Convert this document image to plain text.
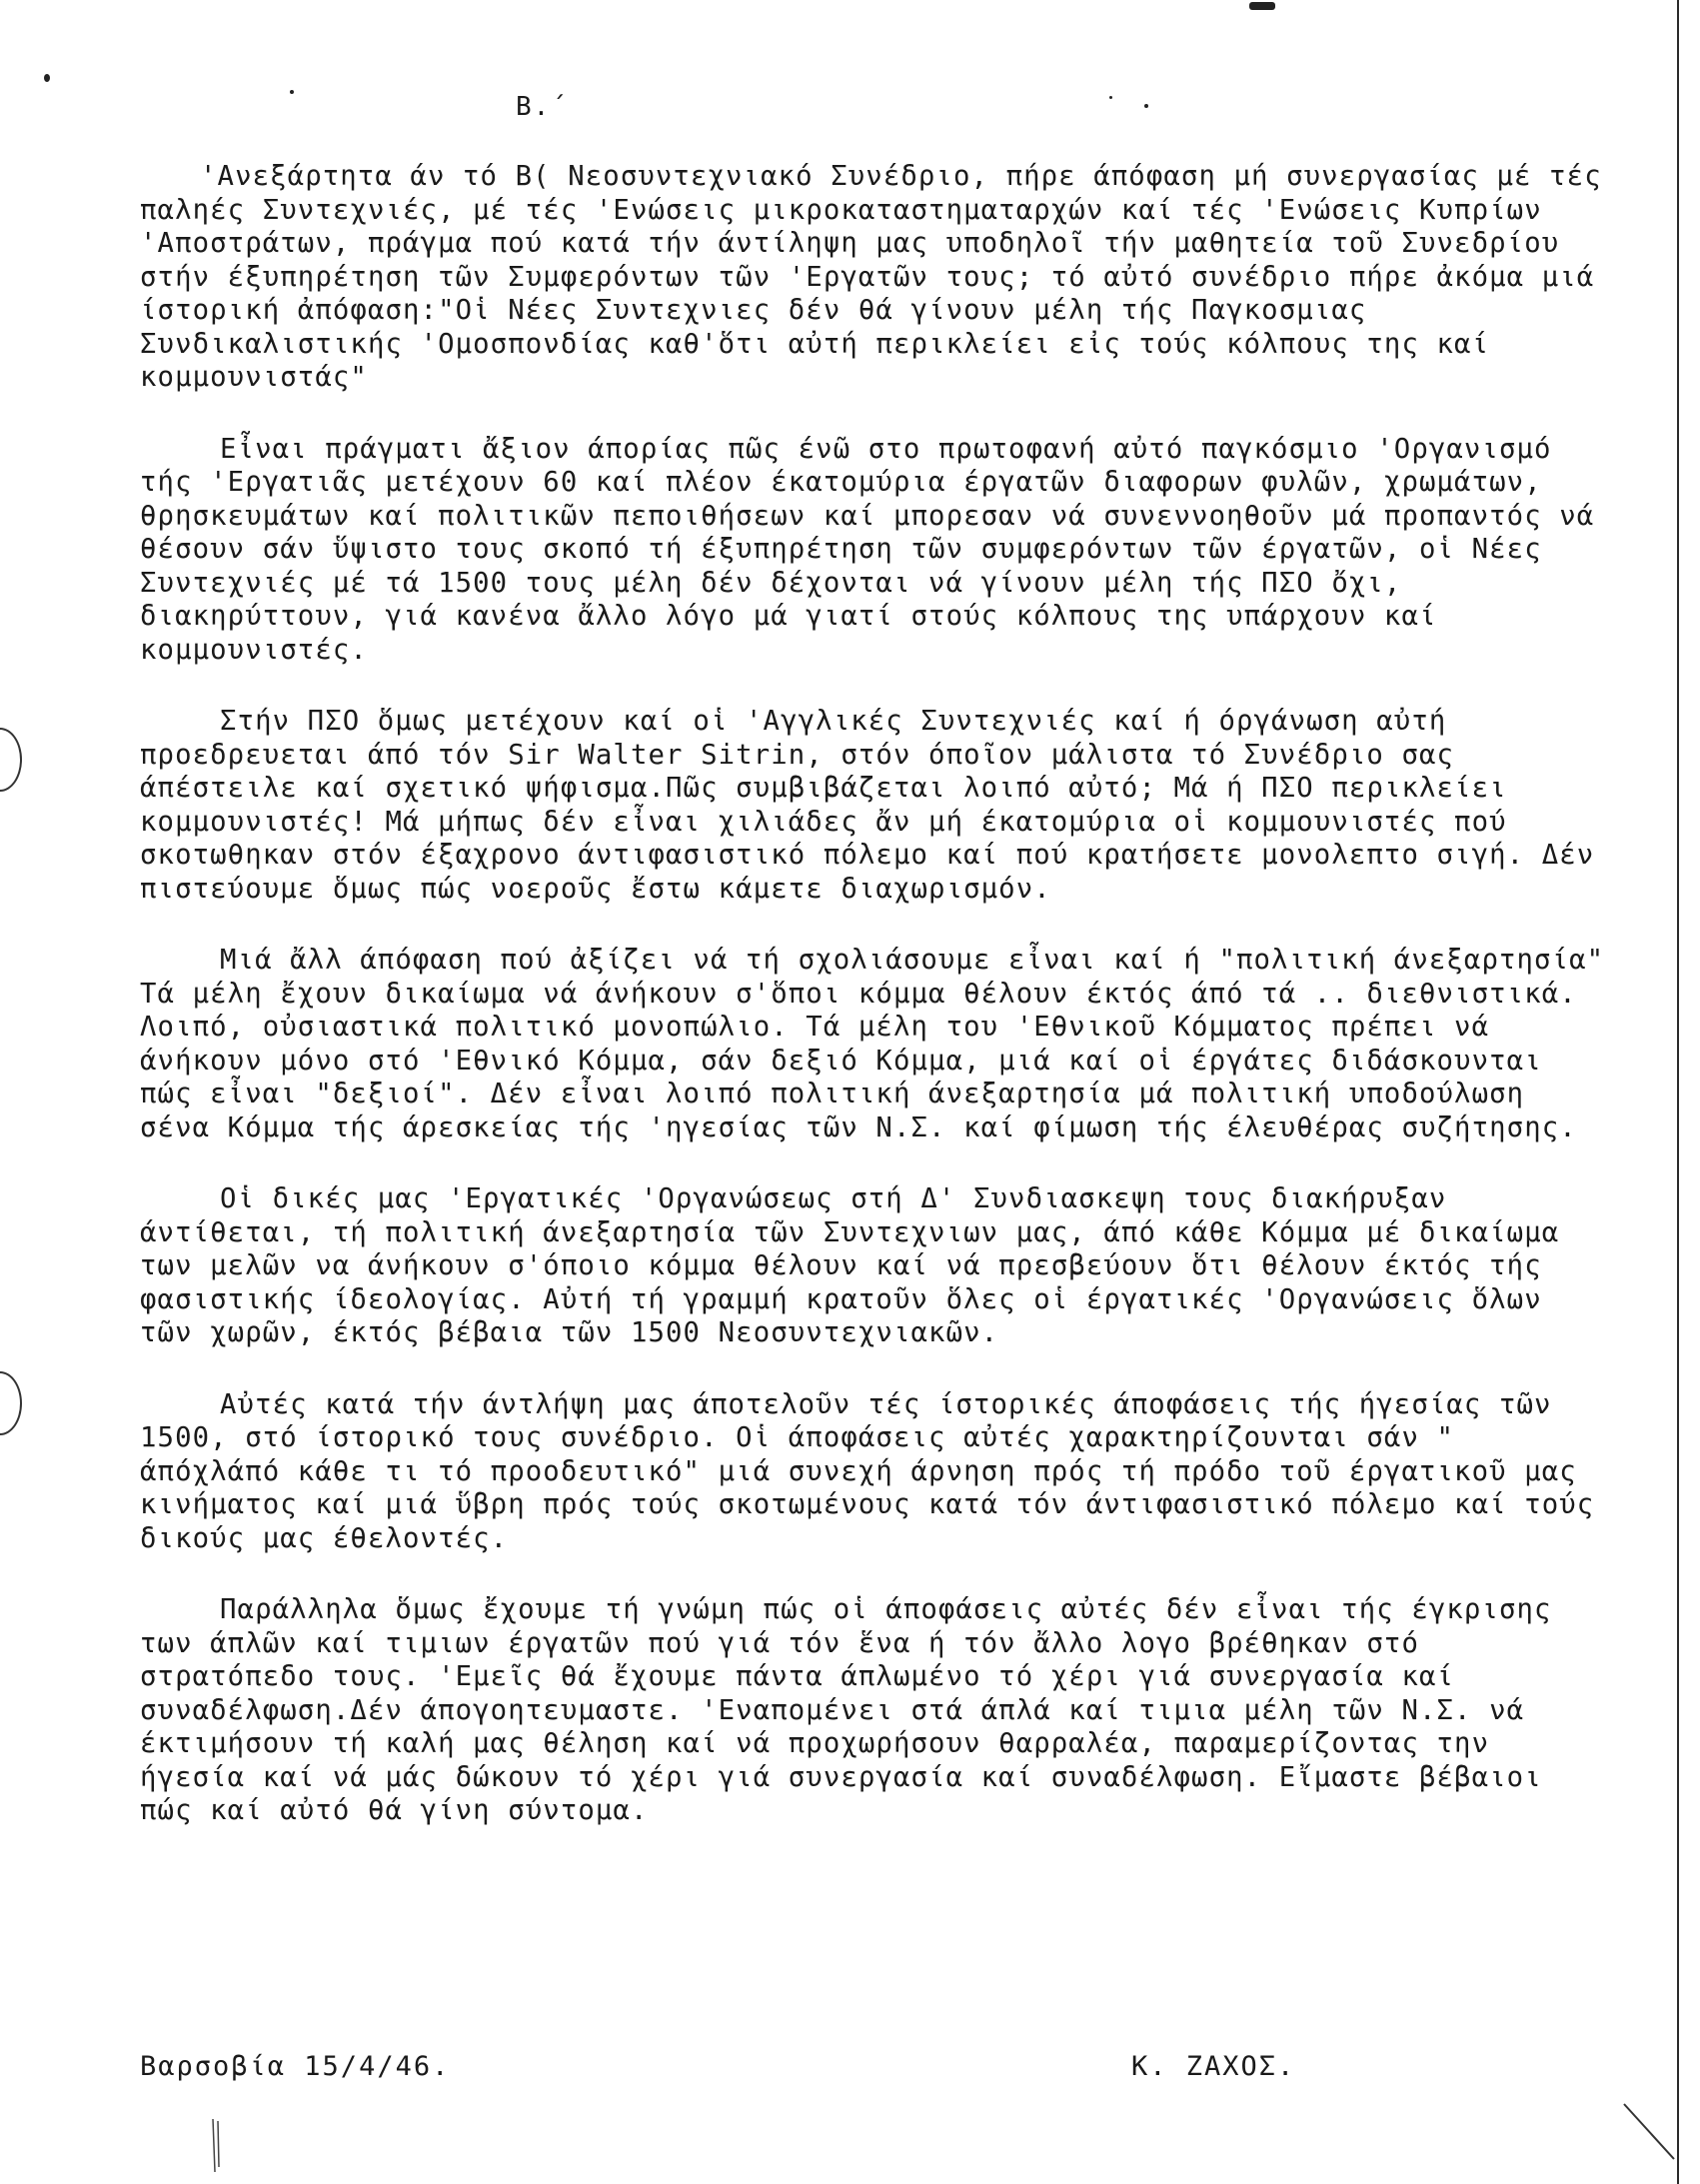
Β.´

'Ανεξάρτητα άν τό Β( Νεοσυντεχνιακό Συνέδριο, πήρε άπόφαση μή συνεργασίας μέ τές παληές Συντεχνιές, μέ τές 'Ενώσεις μικροκαταστηματαρχών καί τές 'Ενώσεις Κυπρίων 'Αποστράτων, πράγμα πού κατά τήν άντίληψη μας υποδηλοῖ τήν μαθητεία τοῦ Συνεδρίου στήν έξυπηρέτηση τῶν Συμφερόντων τῶν 'Εργατῶν τους; τό αὐτό συνέδριο πήρε ἀκόμα μιά ίστορική ἀπόφαση:"Οἱ Νέες Συντεχνιες δέν θά γίνουν μέλη τής Παγκοσμιας Συνδικαλιστικής 'Ομοσπονδίας καθ'ὅτι αὐτή περικλείει εἰς τούς κόλπους της καί κομμουνιστάς"

Εἶναι πράγματι ἄξιον άπορίας πῶς ένῶ στο πρωτοφανή αὐτό παγκόσμιο 'Οργανισμό τής 'Εργατιᾶς μετέχουν 60 καί πλέον έκατομύρια έργατῶν διαφορων φυλῶν, χρωμάτων, θρησκευμάτων καί πολιτικῶν πεποιθήσεων καί μπορεσαν νά συνεννοηθοῦν μά προπαντός νά θέσουν σάν ὕψιστο τους σκοπό τή έξυπηρέτηση τῶν συμφερόντων τῶν έργατῶν, οἱ Νέες Συντεχνιές μέ τά 1500 τους μέλη δέν δέχονται νά γίνουν μέλη τής ΠΣΟ ὄχι, διακηρύττουν, γιά κανένα ἄλλο λόγο μά γιατί στούς κόλπους της υπάρχουν καί κομμουνιστές.

Στήν ΠΣΟ ὅμως μετέχουν καί οἱ 'Αγγλικές Συντεχνιές καί ή όργάνωση αὐτή προεδρευεται άπό τόν Sir Walter Sitrin, στόν όποῖον μάλιστα τό Συνέδριο σας άπέστειλε καί σχετικό ψήφισμα.Πῶς συμβιβάζεται λοιπό αὐτό; Μά ή ΠΣΟ περικλείει κομμουνιστές! Μά μήπως δέν εἶναι χιλιάδες ἄν μή έκατομύρια οἱ κομμουνιστές πού σκοτωθηκαν στόν έξαχρονο άντιφασιστικό πόλεμο καί πού κρατήσετε μονολεπτο σιγή. Δέν πιστεύουμε ὅμως πώς νοεροῦς ἔστω κάμετε διαχωρισμόν.

Μιά ἄλλ άπόφαση πού ἀξίζει νά τή σχολιάσουμε εἶναι καί ή "πολιτική άνεξαρτησία" Τά μέλη ἔχουν δικαίωμα νά άνήκουν σ'ὅποι κόμμα θέλουν έκτός άπό τά .. διεθνιστικά. Λοιπό, οὐσιαστικά πολιτικό μονοπώλιο. Τά μέλη του 'Εθνικοῦ Κόμματος πρέπει νά άνήκουν μόνο στό 'Εθνικό Κόμμα, σάν δεξιό Κόμμα, μιά καί οἱ έργάτες διδάσκουνται πώς εἶναι "δεξιοί". Δέν εἶναι λοιπό πολιτική άνεξαρτησία μά πολιτική υποδούλωση σένα Κόμμα τής άρεσκείας τής 'ηγεσίας τῶν Ν.Σ. καί φίμωση τής έλευθέρας συζήτησης.

Οἱ δικές μας 'Εργατικές 'Οργανώσεως στή Δ' Συνδιασκεψη τους διακήρυξαν άντίθεται, τή πολιτική άνεξαρτησία τῶν Συντεχνιων μας, άπό κάθε Κόμμα μέ δικαίωμα των μελῶν να άνήκουν σ'όποιο κόμμα θέλουν καί νά πρεσβεύουν ὅτι θέλουν έκτός τής φασιστικής ίδεολογίας. Αὐτή τή γραμμή κρατοῦν ὅλες οἱ έργατικές 'Οργανώσεις ὅλων τῶν χωρῶν, έκτός βέβαια τῶν 1500 Νεοσυντεχνιακῶν.

Αὐτές κατά τήν άντλήψη μας άποτελοῦν τές ίστορικές άποφάσεις τής ήγεσίας τῶν 1500, στό ίστορικό τους συνέδριο. Οἱ άποφάσεις αὐτές χαρακτηρίζουνται σάν " άπόχλάπό κάθε τι τό προοδευτικό" μιά συνεχή άρνηση πρός τή πρόδο τοῦ έργατικοῦ μας κινήματος καί μιά ὕβρη πρός τούς σκοτωμένους κατά τόν άντιφασιστικό πόλεμο καί τούς δικούς μας έθελοντές.

Παράλληλα ὅμως ἔχουμε τή γνώμη πώς οἱ άποφάσεις αὐτές δέν εἶναι τής έγκρισης των άπλῶν καί τιμιων έργατῶν πού γιά τόν ἕνα ή τόν ἄλλο λογο βρέθηκαν στό στρατόπεδο τους. 'Εμεῖς θά ἔχουμε πάντα άπλωμένο τό χέρι γιά συνεργασία καί συναδέλφωση.Δέν άπογοητευμαστε. 'Εναπομένει στά άπλά καί τιμια μέλη τῶν Ν.Σ. νά έκτιμήσουν τή καλή μας θέληση καί νά προχωρήσουν θαρραλέα, παραμερίζοντας την ήγεσία καί νά μάς δώκουν τό χέρι γιά συνεργασία καί συναδέλφωση. Εἴμαστε βέβαιοι πώς καί αὐτό θά γίνη σύντομα.

Βαρσοβία 15/4/46.	Κ. ΖΑΧΟΣ.
